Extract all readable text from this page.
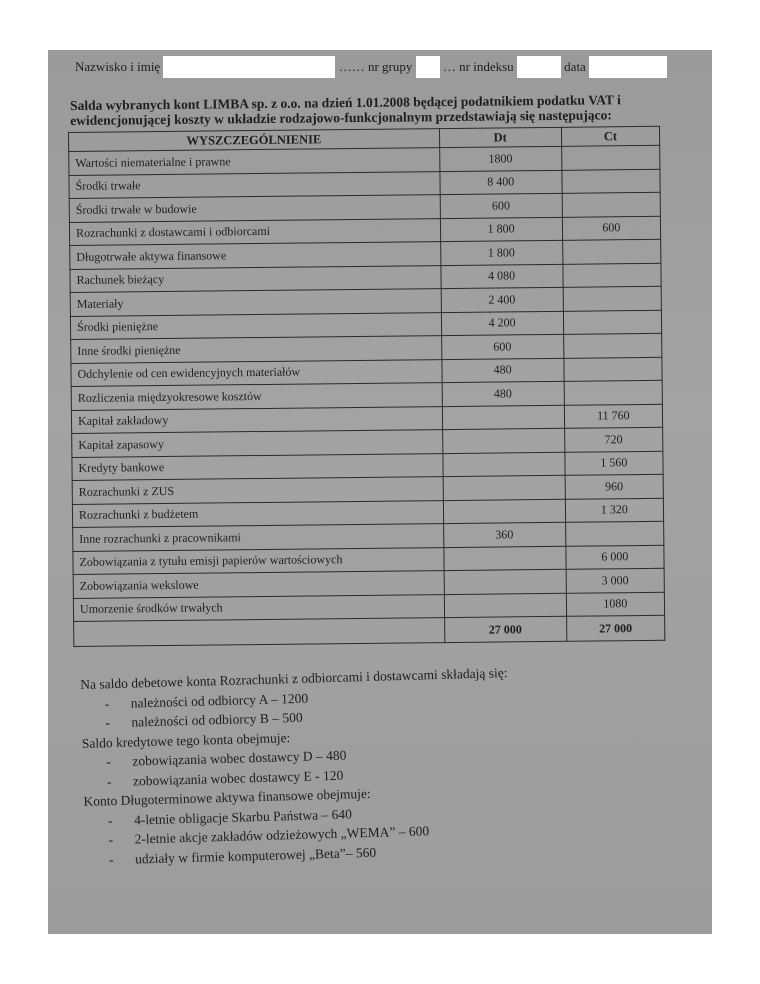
Nazwisko i imię	…… nr grupy … nr indeksu	data
Salda wybranych kont LIMBA sp. z o.o. na dzień 1.01.2008 będącej podatnikiem podatku VAT i ewidencjonującej koszty w układzie rodzajowo-funkcjonalnym przedstawiają się następująco:
WYSZCZEGÓLNIENIE	Dt	Ct
Wartości niematerialne i prawne	1800	
Środki trwałe	8 400	
Środki trwałe w budowie	600	
Rozrachunki z dostawcami i odbiorcami	1 800	600
Długotrwałe aktywa finansowe	1 800	
Rachunek bieżący	4 080	
Materiały	2 400	
Środki pieniężne	4 200	
Inne środki pieniężne	600	
Odchylenie od cen ewidencyjnych materiałów	480	
Rozliczenia międzyokresowe kosztów	480	
Kapitał zakładowy		11 760
Kapitał zapasowy		720
Kredyty bankowe		1 560
Rozrachunki z ZUS		960
Rozrachunki z budżetem		1 320
Inne rozrachunki z pracownikami	360	
Zobowiązania z tytułu emisji papierów wartościowych		6 000
Zobowiązania wekslowe		3 000
Umorzenie środków trwałych		1080
	27 000	27 000
Na saldo debetowe konta Rozrachunki z odbiorcami i dostawcami składają się:
- należności od odbiorcy A – 1200
- należności od odbiorcy B – 500
Saldo kredytowe tego konta obejmuje:
- zobowiązania wobec dostawcy D – 480
- zobowiązania wobec dostawcy E - 120
Konto Długoterminowe aktywa finansowe obejmuje:
- 4-letnie obligacje Skarbu Państwa – 640
- 2-letnie akcje zakładów odzieżowych „WEMA” – 600
- udziały w firmie komputerowej „Beta”– 560
